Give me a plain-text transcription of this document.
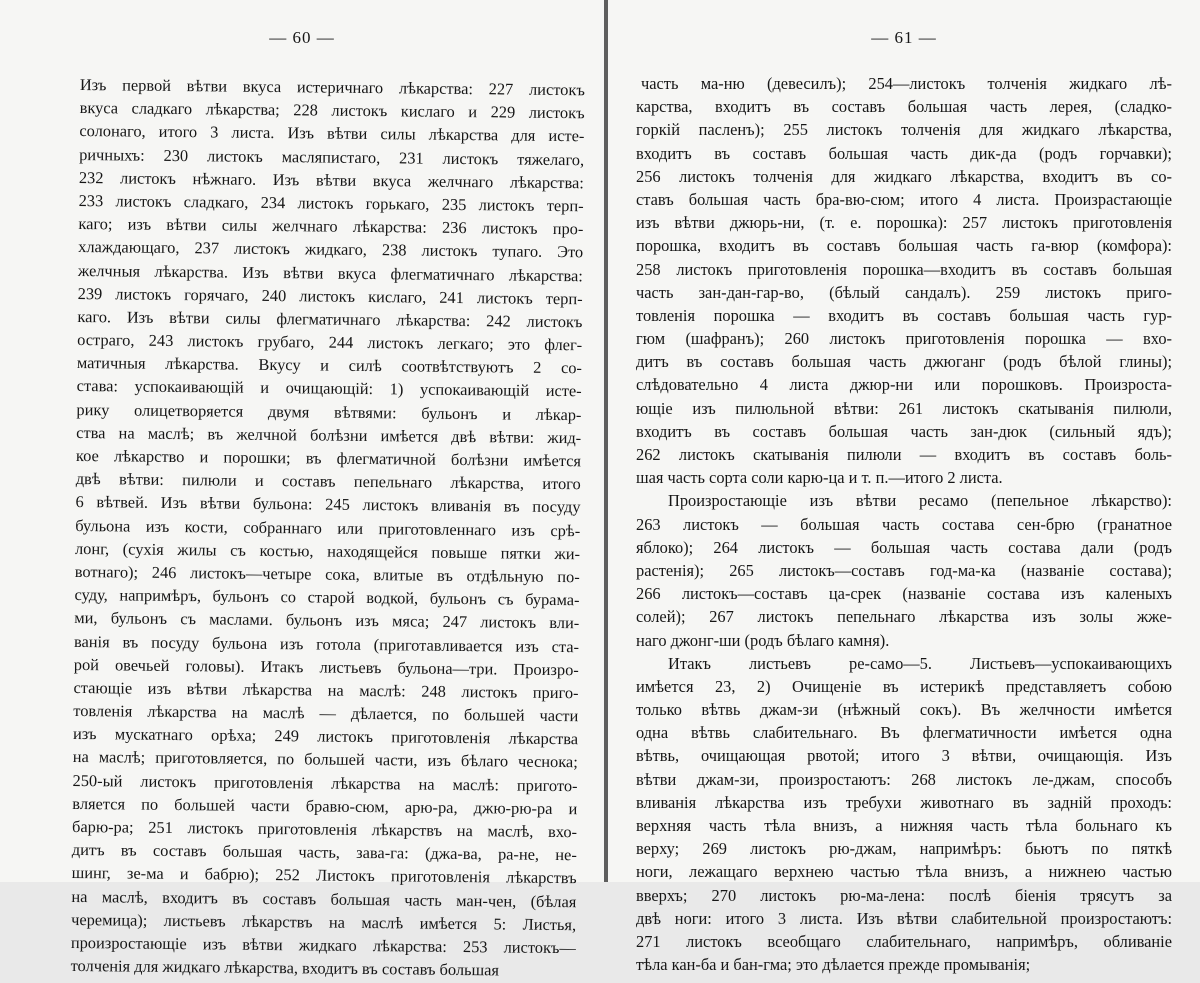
— 60 —
Изъ первой вѣтви вкуса истеричнаго лѣкарства: 227 листокъ
вкуса сладкаго лѣкарства; 228 листокъ кислаго и 229 листокъ
солонаго, итого 3 листа. Изъ вѣтви силы лѣкарства для исте-
ричныхъ: 230 листокъ масляпистаго, 231 листокъ тяжелаго,
232 листокъ нѣжнаго. Изъ вѣтви вкуса желчнаго лѣкарства:
233 листокъ сладкаго, 234 листокъ горькаго, 235 листокъ терп-
каго; изъ вѣтви силы желчнаго лѣкарства: 236 листокъ про-
хлаждающаго, 237 листокъ жидкаго, 238 листокъ тупаго. Это
желчныя лѣкарства. Изъ вѣтви вкуса флегматичнаго лѣкарства:
239 листокъ горячаго, 240 листокъ кислаго, 241 листокъ терп-
каго. Изъ вѣтви силы флегматичнаго лѣкарства: 242 листокъ
остраго, 243 листокъ грубаго, 244 листокъ легкаго; это флег-
матичныя лѣкарства. Вкусу и силѣ соотвѣтствуютъ 2 со-
става: успокаивающій и очищающій: 1) успокаивающій исте-
рику олицетворяется двумя вѣтвями: бульонъ и лѣкар-
ства на маслѣ; въ желчной болѣзни имѣется двѣ вѣтви: жид-
кое лѣкарство и порошки; въ флегматичной болѣзни имѣется
двѣ вѣтви: пилюли и составъ пепельнаго лѣкарства, итого
6 вѣтвей. Изъ вѣтви бульона: 245 листокъ вливанія въ посуду
бульона изъ кости, собраннаго или приготовленнаго изъ срѣ-
лонг, (сухія жилы съ костью, находящейся повыше пятки жи-
вотнаго); 246 листокъ—четыре сока, влитые въ отдѣльную по-
суду, напримѣръ, бульонъ со старой водкой, бульонъ съ бурама-
ми, бульонъ съ маслами. бульонъ изъ мяса; 247 листокъ вли-
ванія въ посуду бульона изъ готола (приготавливается изъ ста-
рой овечьей головы). Итакъ листьевъ бульона—три. Произро-
стающіе изъ вѣтви лѣкарства на маслѣ: 248 листокъ приго-
товленія лѣкарства на маслѣ — дѣлается, по большей части
изъ мускатнаго орѣха; 249 листокъ приготовленія лѣкарства
на маслѣ; приготовляется, по большей части, изъ бѣлаго чеснока;
250-ый листокъ приготовленія лѣкарства на маслѣ: пригото-
вляется по большей части бравю-сюм, арю-ра, джю-рю-ра и
барю-ра; 251 листокъ приготовленія лѣкарствъ на маслѣ, вхо-
дитъ въ составъ большая часть, зава-га: (джа-ва, ра-не, не-
шинг, зе-ма и бабрю); 252 Листокъ приготовленія лѣкарствъ
на маслѣ, входитъ въ составъ большая часть ман-чен, (бѣлая
черемица); листьевъ лѣкарствъ на маслѣ имѣется 5: Листья,
произростающіе изъ вѣтви жидкаго лѣкарства: 253 листокъ—
толченія для жидкаго лѣкарства, входитъ въ составъ большая
— 61 —
часть ма-ню (девесилъ); 254—листокъ толченія жидкаго лѣ-
карства, входитъ въ составъ большая часть лерея, (сладко-
горкій пасленъ); 255 листокъ толченія для жидкаго лѣкарства,
входитъ въ составъ большая часть дик-да (родъ горчавки);
256 листокъ толченія для жидкаго лѣкарства, входитъ въ со-
ставъ большая часть бра-вю-сюм; итого 4 листа. Произрастающіе
изъ вѣтви джюрь-ни, (т. е. порошка): 257 листокъ приготовленія
порошка, входитъ въ составъ большая часть га-вюр (комфора):
258 листокъ приготовленія порошка—входитъ въ составъ большая
часть зан-дан-гар-во, (бѣлый сандалъ). 259 листокъ приго-
товленія порошка — входитъ въ составъ большая часть гур-
гюм (шафранъ); 260 листокъ приготовленія порошка — вхо-
дитъ въ составъ большая часть джюганг (родъ бѣлой глины);
слѣдовательно 4 листа джюр-ни или порошковъ. Произроста-
ющіе изъ пилюльной вѣтви: 261 листокъ скатыванія пилюли,
входитъ въ составъ большая часть зан-дюк (сильный ядъ);
262 листокъ скатыванія пилюли — входитъ въ составъ боль-
шая часть сорта соли карю-ца и т. п.—итого 2 листа.
Произростающіе изъ вѣтви ресамо (пепельное лѣкарство):
263 листокъ — большая часть состава сен-брю (гранатное
яблоко); 264 листокъ — большая часть состава дали (родъ
растенія); 265 листокъ—составъ год-ма-ка (названіе состава);
266 листокъ—составъ ца-срек (названіе состава изъ каленыхъ
солей); 267 листокъ пепельнаго лѣкарства изъ золы жже-
наго джонг-ши (родъ бѣлаго камня).
Итакъ листьевъ ре-само—5. Листьевъ—успокаивающихъ
имѣется 23, 2) Очищеніе въ истерикѣ представляетъ собою
только вѣтвь джам-зи (нѣжный сокъ). Въ желчности имѣется
одна вѣтвь слабительнаго. Въ флегматичности имѣется одна
вѣтвь, очищающая рвотой; итого 3 вѣтви, очищающія. Изъ
вѣтви джам-зи, произростаютъ: 268 листокъ ле-джам, способъ
вливанія лѣкарства изъ требухи животнаго въ задній проходъ:
верхняя часть тѣла внизъ, а нижняя часть тѣла больнаго къ
верху; 269 листокъ рю-джам, напримѣръ: бьютъ по пяткѣ
ноги, лежащаго верхнею частью тѣла внизъ, а нижнею частью
вверхъ; 270 листокъ рю-ма-лена: послѣ біенія трясутъ за
двѣ ноги: итого 3 листа. Изъ вѣтви слабительной произростаютъ:
271 листокъ всеобщаго слабительнаго, напримѣръ, обливаніе
тѣла кан-ба и бан-гма; это дѣлается прежде промыванія;
